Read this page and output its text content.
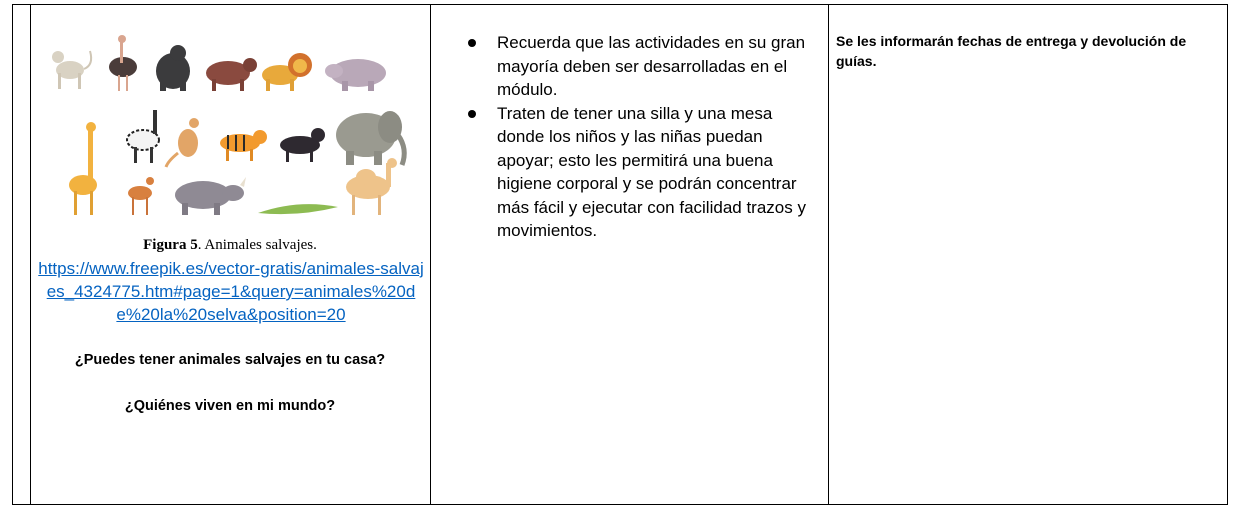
Figura 5. Animales salvajes.
https://www.freepik.es/vector-gratis/animales-salvajes_4324775.htm#page=1&query=animales%20de%20la%20selva&position=20
¿Puedes tener animales salvajes en tu casa?
¿Quiénes viven en mi mundo?
Recuerda que las actividades en su gran mayoría deben ser desarrolladas en el módulo.
Traten de tener una silla y una mesa donde los niños y las niñas puedan apoyar; esto les permitirá una buena higiene corporal y se podrán concentrar más fácil y ejecutar con facilidad trazos y movimientos.
Se les informarán fechas de entrega y devolución de guías.
